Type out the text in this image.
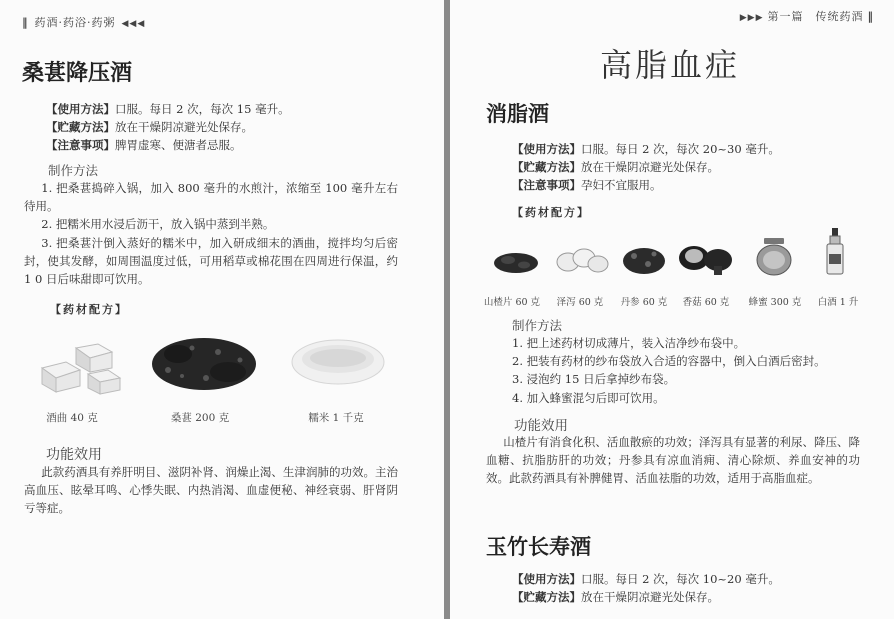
‖ 药酒·药浴·药粥 ◀◀◀
桑葚降压酒
【使用方法】口服。每日 2 次，每次 15 毫升。
【贮藏方法】放在干燥阴凉避光处保存。
【注意事项】脾胃虚寒、便溏者忌服。
制作方法

1. 把桑葚捣碎入锅，加入 800 毫升的水煎汁，浓缩至 100 毫升左右待用。

2. 把糯米用水浸后沥干，放入锅中蒸到半熟。

3. 把桑葚汁倒入蒸好的糯米中，加入研成细末的酒曲，搅拌均匀后密封，使其发酵，如周围温度过低，可用稻草或棉花围在四周进行保温，约 1 0 日后味甜即可饮用。

【药材配方】
酒曲 40 克	桑葚 200 克	糯米 1 千克
功能效用

此款药酒具有养肝明目、滋阴补肾、润燥止渴、生津润肺的功效。主治高血压、眩晕耳鸣、心悸失眠、内热消渴、血虚便秘、神经衰弱、肝肾阴亏等症。

▶▶▶ 第一篇　传统药酒 ‖
高脂血症
消脂酒
【使用方法】口服。每日 2 次，每次 20~30 毫升。
【贮藏方法】放在干燥阴凉避光处保存。
【注意事项】孕妇不宜服用。
【药材配方】
山楂片 60 克	泽泻 60 克	丹参 60 克	香菇 60 克	蜂蜜 300 克	白酒 1 升
制作方法
1. 把上述药材切成薄片，装入洁净纱布袋中。
2. 把装有药材的纱布袋放入合适的容器中，倒入白酒后密封。
3. 浸泡约 15 日后拿掉纱布袋。
4. 加入蜂蜜混匀后即可饮用。
功能效用

山楂片有消食化积、活血散瘀的功效；泽泻具有显著的利尿、降压、降血糖、抗脂肪肝的功效；丹参具有凉血消痈、清心除烦、养血安神的功效。此款药酒具有补脾健胃、活血祛脂的功效，适用于高脂血症。

玉竹长寿酒
【使用方法】口服。每日 2 次，每次 10~20 毫升。
【贮藏方法】放在干燥阴凉避光处保存。
